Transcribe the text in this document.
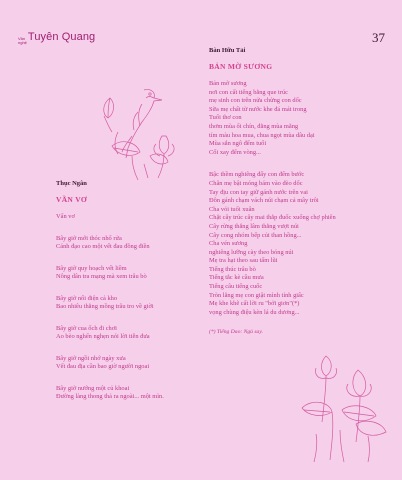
Văn
nghệ Tuyên Quang	37
Bàn Hữu Tải
BẢN MỜ SƯƠNG
Bản mờ sương
nơi con cất tiếng bằng que trúc
mẹ sinh con trên nửa chừng con dốc
Sữa mẹ chất từ nước khe đá mát trong
Tuổi thơ con
thơm mùa ổi chín, đằng mùa măng
tím màu hoa mua, chua ngọt mùa dâu dại
Mùa sắn ngô đếm tuổi
Cối xay đếm vòng...
Bậc thềm nghiêng đấy con đếm bước
Chân mẹ bật móng bám vào đèo dốc
Tay địu con tay giữ gánh nước trên vai
Đôn gánh chạm vách núi chạm cả mây trôi
Cha vỏi tuổi xuân
Chặt cây trúc cây mai thắp đuốc xuống chợ phiên
Cây rừng thắng lâm thẳng vượt núi
Cây cong nhóm bếp củi than hồng...
Cha vén sương
nghiêng lưỡng cày theo bóng núi
Mẹ tra hạt theo sau tấm lũi
Tiếng thúc trâu bò
Tiếng tắc kè cầu mưa
Tiếng câu tiếng cuốc
Tròn lăng mẹ con giật mình tỉnh giấc
Mẹ khe khẽ cất lời ru "bởi giơn"(*)
vọng chùng điệu kèn lá du dương...
(*) Tiếng Dao: Ngủ say.
Thục Ngân
VẦN VƠ
Vẩn vơ
Bây giờ mới thóc nhổ rửa
Cánh đạo cao một vết đau đồng điền
Bây giờ quy hoạch vết liềm
Nông dân tra mạng mà xem trâu bò
Bây giờ nối điện cả kho
Bao nhiêu thằng mồng trâu tro về giời
Bây giờ cua ốch đi chơi
Ao bèo nghển nghẹn nói lời tiễn đưa
Bây giờ ngồi nhớ ngày xưa
Vết đau địa cần bao giờ người ngoai
Bây giờ nướng một củ khoai
Đường làng thong thả ra ngoài... một mìn.
